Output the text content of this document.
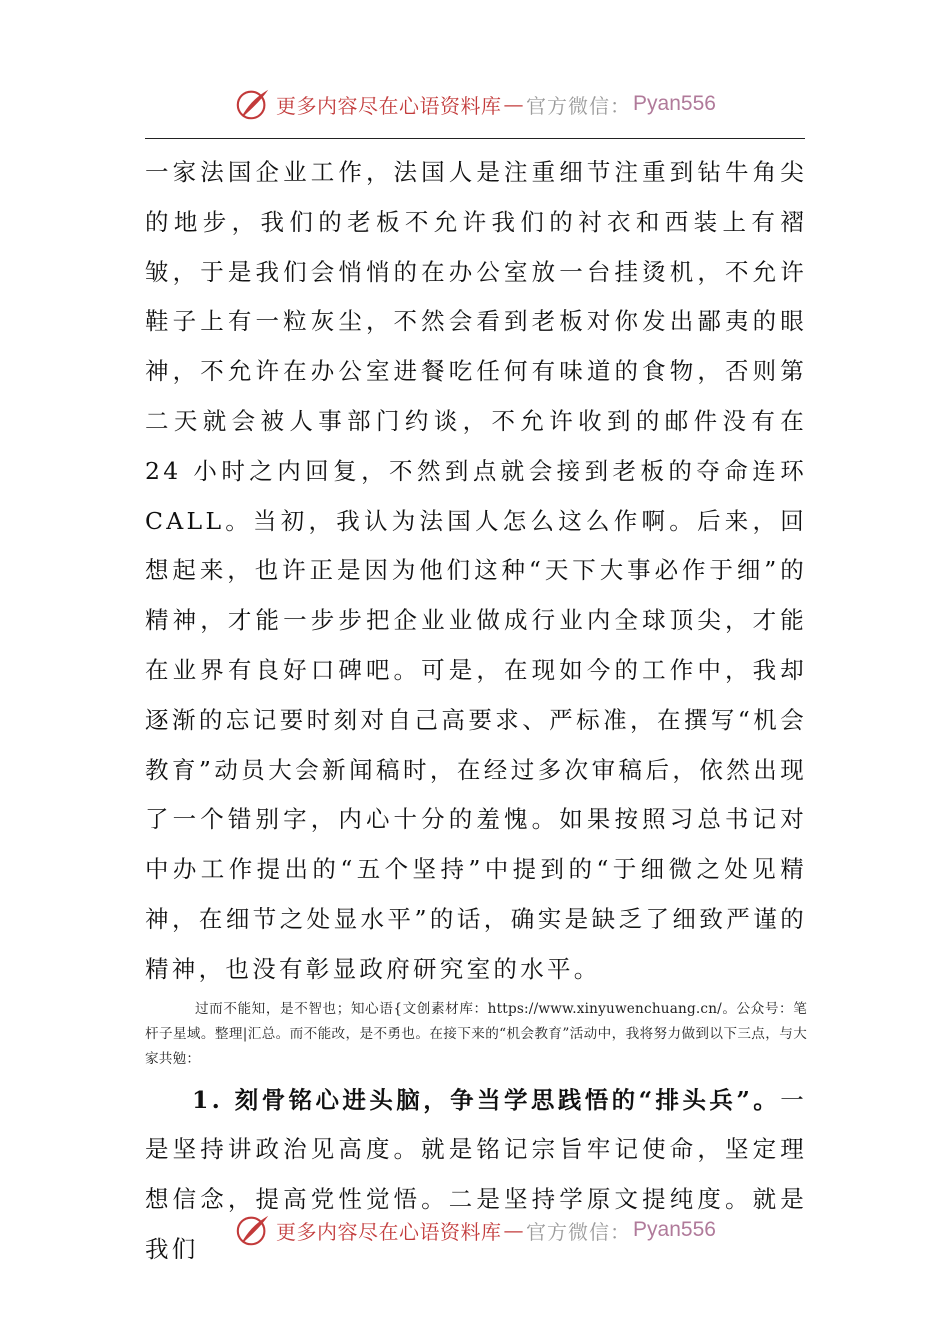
更多内容尽在心语资料库 — 官方微信： Pyan556

一家法国企业工作，法国人是注重细节注重到钻牛角尖的地步，我们的老板不允许我们的衬衣和西装上有褶皱，于是我们会悄悄的在办公室放一台挂烫机，不允许鞋子上有一粒灰尘，不然会看到老板对你发出鄙夷的眼神，不允许在办公室进餐吃任何有味道的食物，否则第二天就会被人事部门约谈，不允许收到的邮件没有在 24 小时之内回复，不然到点就会接到老板的夺命连环 CALL。当初，我认为法国人怎么这么作啊。后来，回想起来，也许正是因为他们这种“天下大事必作于细”的精神，才能一步步把企业业做成行业内全球顶尖，才能在业界有良好口碑吧。可是，在现如今的工作中，我却逐渐的忘记要时刻对自己高要求、严标准，在撰写“机会教育”动员大会新闻稿时，在经过多次审稿后，依然出现了一个错别字，内心十分的羞愧。如果按照习总书记对中办工作提出的“五个坚持”中提到的“于细微之处见精神，在细节之处显水平”的话，确实是缺乏了细致严谨的精神，也没有彰显政府研究室的水平。

过而不能知，是不智也；知心语{文创素材库：https://www.xinyuwenchuang.cn/。公众号：笔杆子星域。整理|汇总。而不能改，是不勇也。在接下来的“机会教育”活动中，我将努力做到以下三点，与大家共勉：

1. 刻骨铭心进头脑，争当学思践悟的“排头兵”。一是坚持讲政治见高度。就是铭记宗旨牢记使命，坚定理想信念，提高党性觉悟。二是坚持学原文提纯度。就是我们

更多内容尽在心语资料库 — 官方微信： Pyan556
